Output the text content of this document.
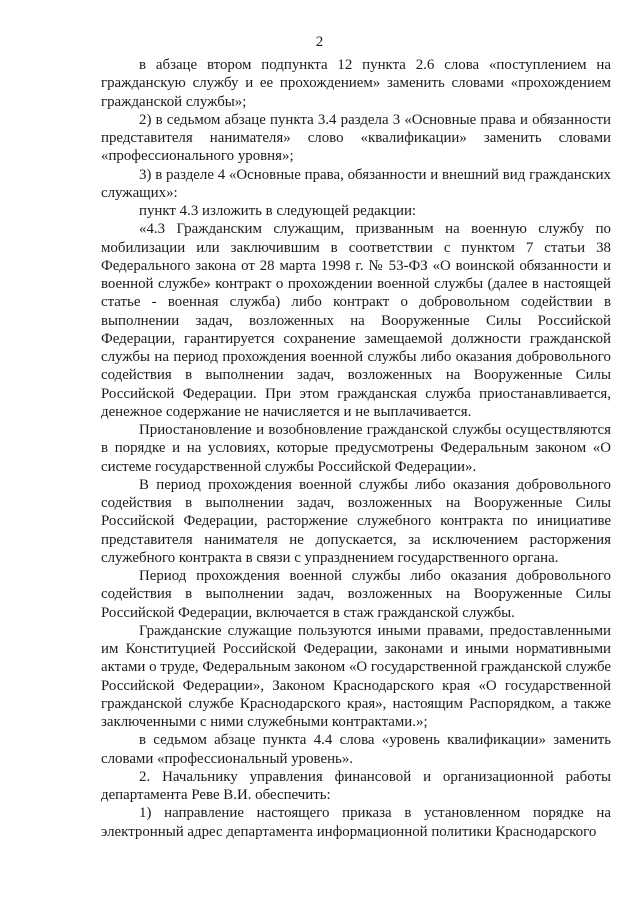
2

в абзаце втором подпункта 12 пункта 2.6 слова «поступлением на гражданскую службу и ее прохождением» заменить словами «прохождением гражданской службы»;

2) в седьмом абзаце пункта 3.4 раздела 3 «Основные права и обязанности представителя нанимателя» слово «квалификации» заменить словами «профессионального уровня»;

3) в разделе 4 «Основные права, обязанности и внешний вид гражданских служащих»:

пункт 4.3 изложить в следующей редакции:

«4.3 Гражданским служащим, призванным на военную службу по мобилизации или заключившим в соответствии с пунктом 7 статьи 38 Федерального закона от 28 марта 1998 г. № 53-ФЗ «О воинской обязанности и военной службе» контракт о прохождении военной службы (далее в настоящей статье - военная служба) либо контракт о добровольном содействии в выполнении задач, возложенных на Вооруженные Силы Российской Федерации, гарантируется сохранение замещаемой должности гражданской службы на период прохождения военной службы либо оказания добровольного содействия в выполнении задач, возложенных на Вооруженные Силы Российской Федерации. При этом гражданская служба приостанавливается, денежное содержание не начисляется и не выплачивается.

Приостановление и возобновление гражданской службы осуществляются в порядке и на условиях, которые предусмотрены Федеральным законом «О системе государственной службы Российской Федерации».

В период прохождения военной службы либо оказания добровольного содействия в выполнении задач, возложенных на Вооруженные Силы Российской Федерации, расторжение служебного контракта по инициативе представителя нанимателя не допускается, за исключением расторжения служебного контракта в связи с упразднением государственного органа.

Период прохождения военной службы либо оказания добровольного содействия в выполнении задач, возложенных на Вооруженные Силы Российской Федерации, включается в стаж гражданской службы.

Гражданские служащие пользуются иными правами, предоставленными им Конституцией Российской Федерации, законами и иными нормативными актами о труде, Федеральным законом «О государственной гражданской службе Российской Федерации», Законом Краснодарского края «О государственной гражданской службе Краснодарского края», настоящим Распорядком, а также заключенными с ними служебными контрактами.»;

в седьмом абзаце пункта 4.4 слова «уровень квалификации» заменить словами «профессиональный уровень».

2. Начальнику управления финансовой и организационной работы департамента Реве В.И. обеспечить:

1) направление настоящего приказа в установленном порядке на электронный адрес департамента информационной политики Краснодарского
